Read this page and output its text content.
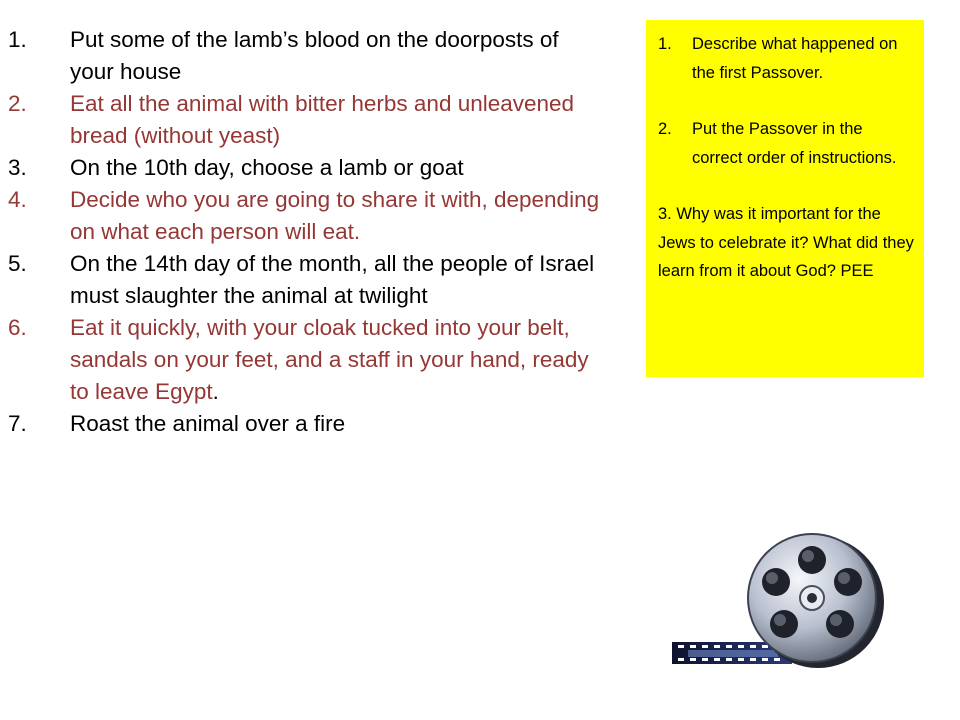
1. Put some of the lamb’s blood on the doorposts of your house
2. Eat all the animal with bitter herbs and unleavened bread (without yeast)
3. On the 10th day, choose a lamb or goat
4. Decide who you are going to share it with, depending on what each person will eat.
5. On the 14th day of the month, all the people of Israel must slaughter the animal at twilight
6. Eat it quickly, with your cloak tucked into your belt, sandals on your feet, and a staff in your hand, ready to leave Egypt.
7. Roast the animal over a fire
1. Describe what happened on the first Passover.
2. Put the Passover in the correct order of instructions.
3. Why was it important for the Jews to celebrate it? What did they learn from it about God? PEE
